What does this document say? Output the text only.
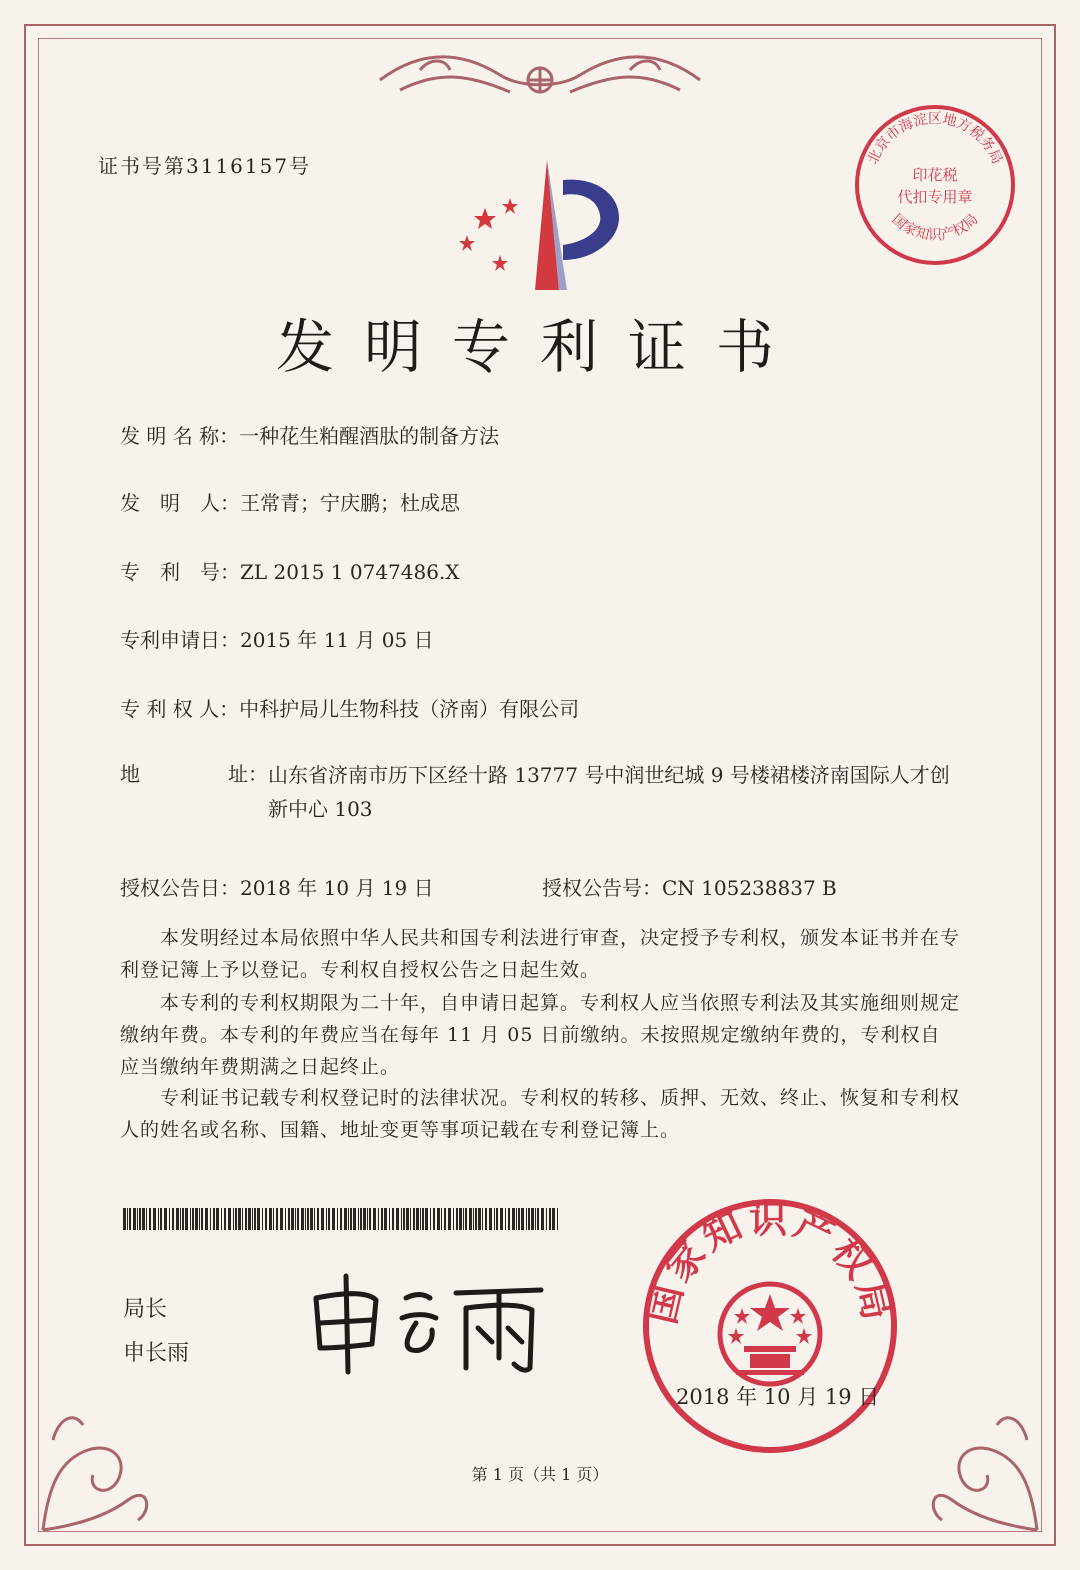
北京市海淀区地方税务局
国家知识产权局
印花税
代扣专用章
证书号第3116157号
发明专利证书
发 明 名 称：一种花生粕醒酒肽的制备方法
发　明　人：王常青；宁庆鹏；杜成思
专　利　号：ZL 2015 1 0747486.X
专利申请日：2015 年 11 月 05 日
专 利 权 人：中科护局儿生物科技（济南）有限公司
地	址：山东省济南市历下区经十路 13777 号中润世纪城 9 号楼裙楼济南国际人才创新中心 103
授权公告日：2018 年 10 月 19 日	授权公告号：CN 105238837 B
本发明经过本局依照中华人民共和国专利法进行审查，决定授予专利权，颁发本证书并在专利登记簿上予以登记。专利权自授权公告之日起生效。
本专利的专利权期限为二十年，自申请日起算。专利权人应当依照专利法及其实施细则规定缴纳年费。本专利的年费应当在每年 11 月 05 日前缴纳。未按照规定缴纳年费的，专利权自应当缴纳年费期满之日起终止。
专利证书记载专利权登记时的法律状况。专利权的转移、质押、无效、终止、恢复和专利权人的姓名或名称、国籍、地址变更等事项记载在专利登记簿上。
局长
申长雨
国家知识产权局
2018 年 10 月 19 日
第 1 页（共 1 页）
